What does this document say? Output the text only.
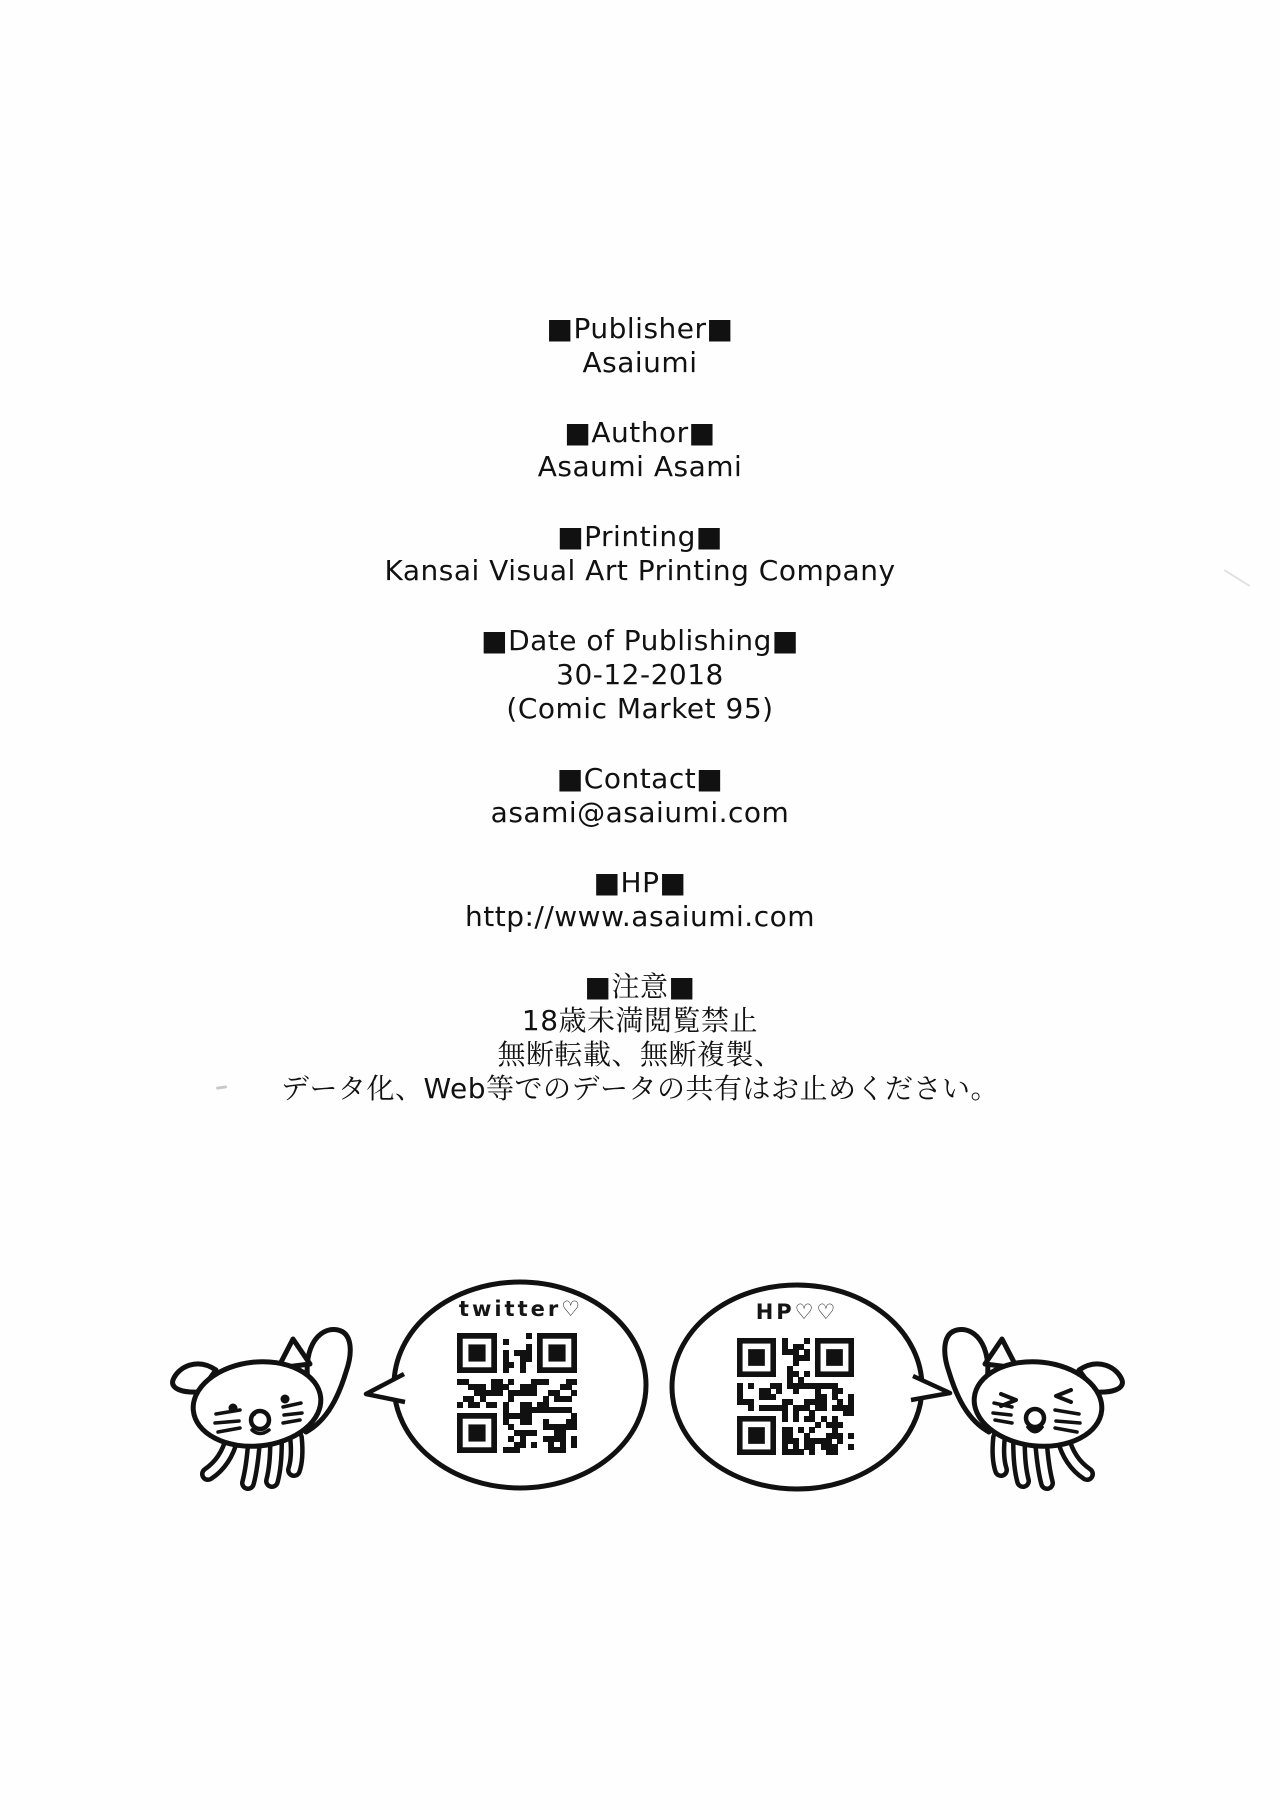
■Publisher■
Asaiumi
■Author■
Asaumi Asami
■Printing■
Kansai Visual Art Printing Company
■Date of Publishing■
30-12-2018
(Comic Market 95)
■Contact■
asami@asaiumi.com
■HP■
http://www.asaiumi.com
■注意■
18歳未満閲覧禁止
無断転載、無断複製、
データ化、Web等でのデータの共有はお止めください。
twitter♡	HP♡♡
